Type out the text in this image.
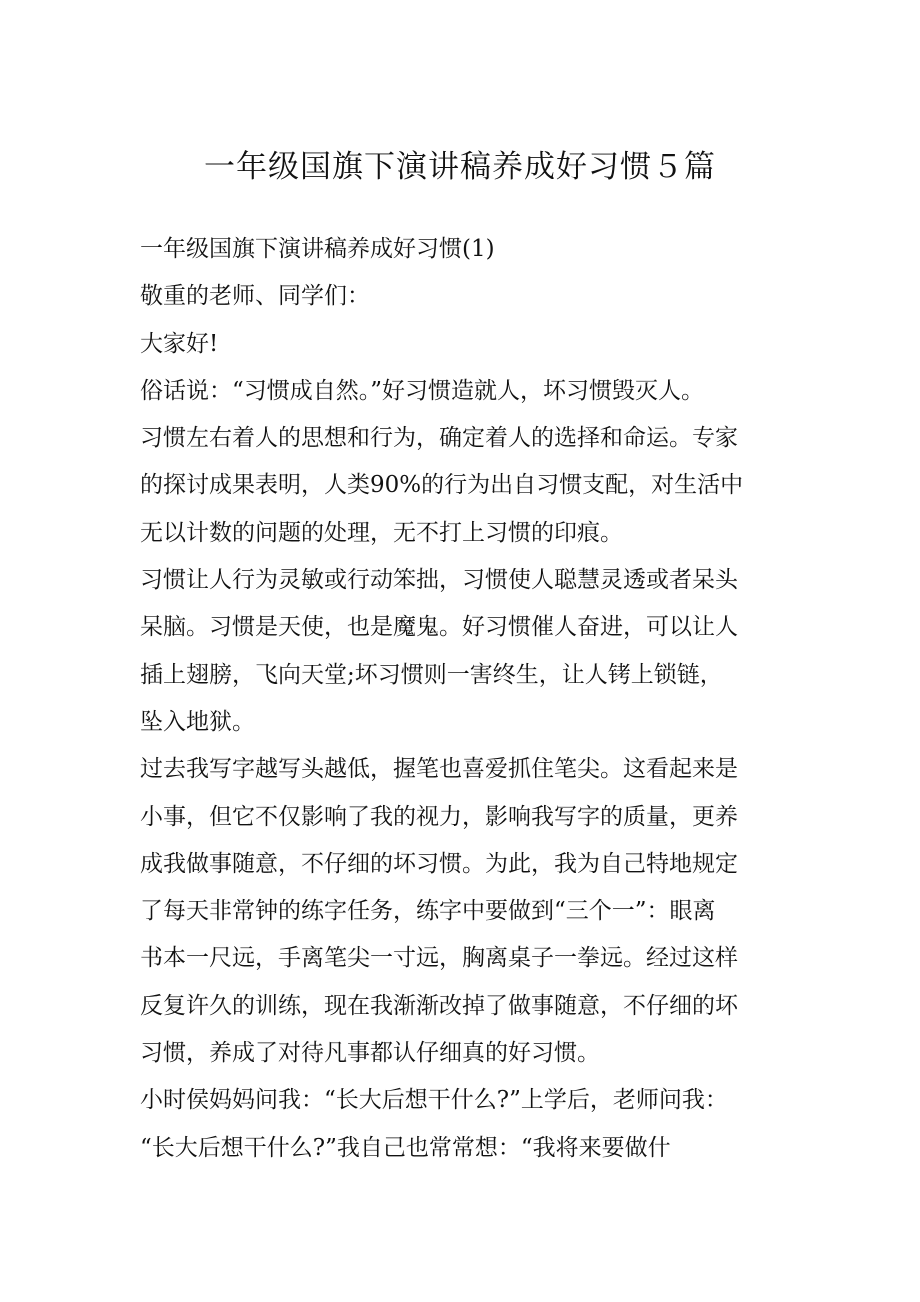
一年级国旗下演讲稿养成好习惯５篇
一年级国旗下演讲稿养成好习惯(1)
敬重的老师、同学们：
大家好!
俗话说：“习惯成自然。”好习惯造就人，坏习惯毁灭人。
习惯左右着人的思想和行为，确定着人的选择和命运。专家
的探讨成果表明，人类90%的行为出自习惯支配，对生活中
无以计数的问题的处理，无不打上习惯的印痕。
习惯让人行为灵敏或行动笨拙，习惯使人聪慧灵透或者呆头
呆脑。习惯是天使，也是魔鬼。好习惯催人奋进，可以让人
插上翅膀，飞向天堂;坏习惯则一害终生，让人铐上锁链，
坠入地狱。
过去我写字越写头越低，握笔也喜爱抓住笔尖。这看起来是
小事，但它不仅影响了我的视力，影响我写字的质量，更养
成我做事随意，不仔细的坏习惯。为此，我为自己特地规定
了每天非常钟的练字任务，练字中要做到“三个一”：眼离
书本一尺远，手离笔尖一寸远，胸离桌子一拳远。经过这样
反复许久的训练，现在我渐渐改掉了做事随意，不仔细的坏
习惯，养成了对待凡事都认仔细真的好习惯。
小时侯妈妈问我：“长大后想干什么?”上学后，老师问我：
“长大后想干什么?”我自己也常常想：“我将来要做什
